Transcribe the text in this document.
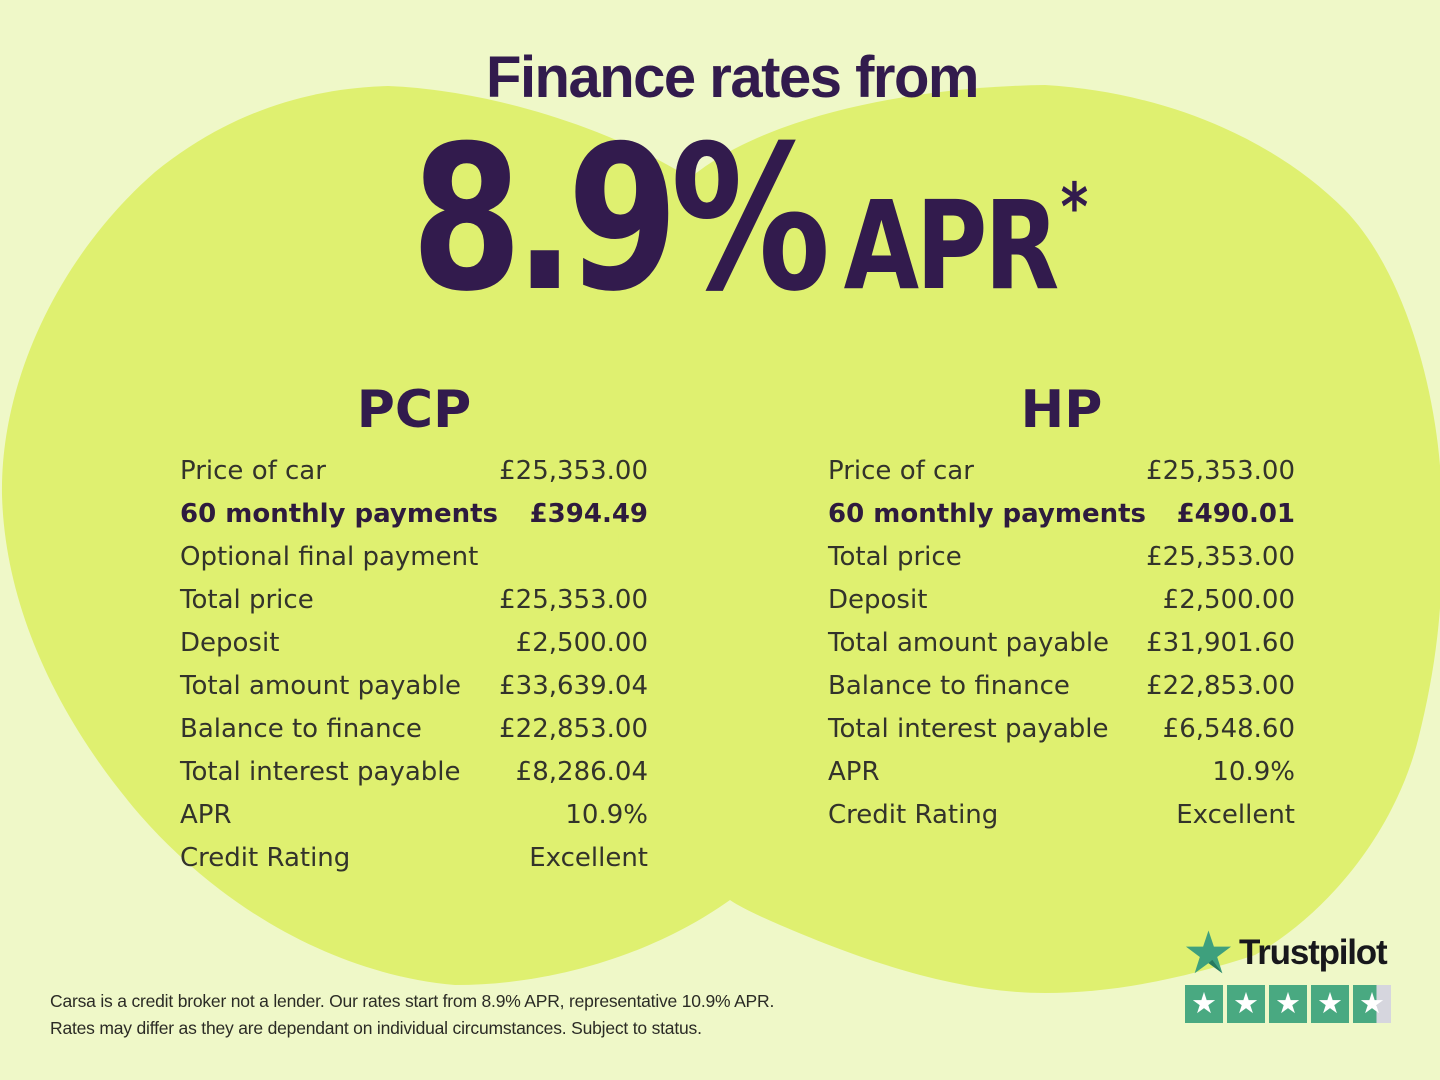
Finance rates from
8.9% APR *
PCP
Price of car	£25,353.00
60 monthly payments £394.49
Optional final payment
Total price	£25,353.00
Deposit	£2,500.00
Total amount payable £33,639.04
Balance to finance	£22,853.00
Total interest payable £8,286.04
APR	10.9%
Credit Rating	Excellent
HP
Price of car	£25,353.00
60 monthly payments £490.01
Total price	£25,353.00
Deposit	£2,500.00
Total amount payable £31,901.60
Balance to finance	£22,853.00
Total interest payable £6,548.60
APR	10.9%
Credit Rating	Excellent
Carsa is a credit broker not a lender. Our rates start from 8.9% APR, representative 10.9% APR.
Rates may differ as they are dependant on individual circumstances. Subject to status.
Trustpilot
★ ★ ★ ★ ★
